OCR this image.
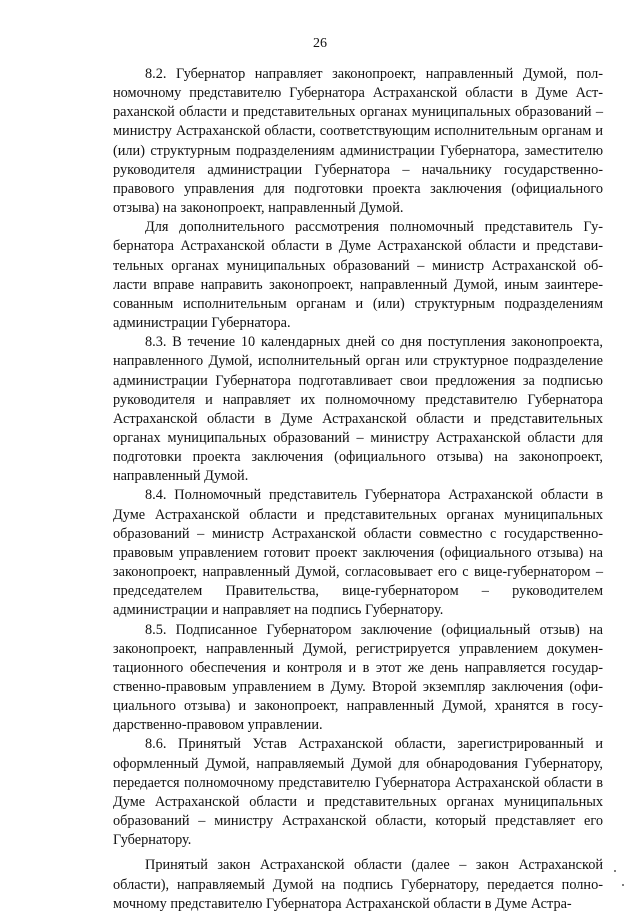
26

8.2. Губернатор направляет законопроект, направленный Думой, полномочному представителю Губернатора Астраханской области в Думе Астраханской области и представительных органах муниципальных образований – министру Астраханской области, соответствующим исполнительным органам и (или) структурным подразделениям администрации Губернатора, заместителю руководителя администрации Губернатора – начальнику государственно-правового управления для подготовки проекта заключения (официального отзыва) на законопроект, направленный Думой.

Для дополнительного рассмотрения полномочный представитель Губернатора Астраханской области в Думе Астраханской области и представительных органах муниципальных образований – министр Астраханской области вправе направить законопроект, направленный Думой, иным заинтересованным исполнительным органам и (или) структурным подразделениям администрации Губернатора.

8.3. В течение 10 календарных дней со дня поступления законопроекта, направленного Думой, исполнительный орган или структурное подразделение администрации Губернатора подготавливает свои предложения за подписью руководителя и направляет их полномочному представителю Губернатора Астраханской области в Думе Астраханской области и представительных органах муниципальных образований – министру Астраханской области для подготовки проекта заключения (официального отзыва) на законопроект, направленный Думой.

8.4. Полномочный представитель Губернатора Астраханской области в Думе Астраханской области и представительных органах муниципальных образований – министр Астраханской области совместно с государственно-правовым управлением готовит проект заключения (официального отзыва) на законопроект, направленный Думой, согласовывает его с вице-губернатором – председателем Правительства, вице-губернатором – руководителем администрации и направляет на подпись Губернатору.

8.5. Подписанное Губернатором заключение (официальный отзыв) на законопроект, направленный Думой, регистрируется управлением документационного обеспечения и контроля и в этот же день направляется государственно-правовым управлением в Думу. Второй экземпляр заключения (официального отзыва) и законопроект, направленный Думой, хранятся в государственно-правовом управлении.

8.6. Принятый Устав Астраханской области, зарегистрированный и оформленный Думой, направляемый Думой для обнародования Губернатору, передается полномочному представителю Губернатора Астраханской области в Думе Астраханской области и представительных органах муниципальных образований – министру Астраханской области, который представляет его Губернатору.

Принятый закон Астраханской области (далее – закон Астраханской области), направляемый Думой на подпись Губернатору, передается полномочному представителю Губернатора Астраханской области в Думе Астра-
